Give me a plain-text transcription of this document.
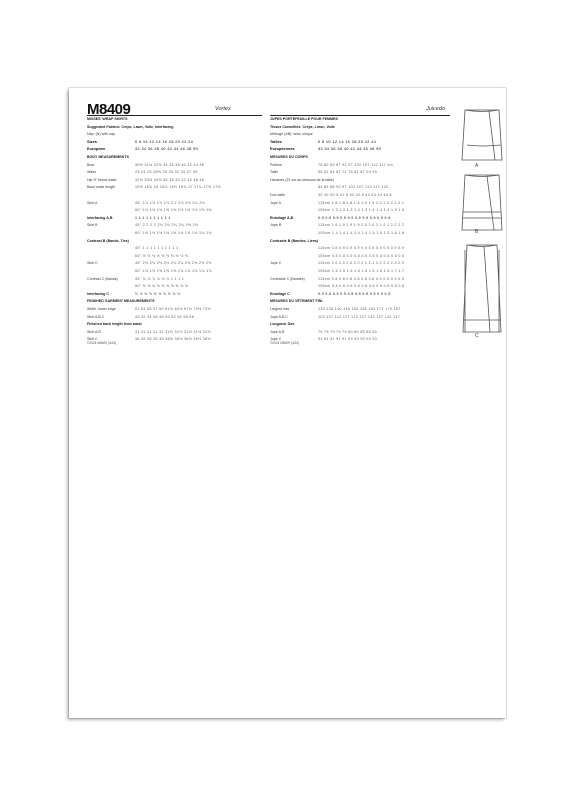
M8409	Vortex	Juicedo
MISSES' WRAP SKIRTS
Suggested Fabrics: Crepe, Lawn, Voile, Interfacing
Nap: (N) with nap
Sizes	6 8 10 12 14 16 18 20 22 24
European	32 34 36 38 40 42 44 46 48 50
BODY MEASUREMENTS
Bust	30½ 31½ 32½ 34 36 38 40 42 44 46
Waist	23 24 25 26½ 28 30 32 34 37 39
Hip-9" below waist	32½ 33½ 34½ 36 38 40 42 44 46 48
Back waist length	15½ 15¾ 16 16¼ 16½ 16¾ 17 17¼ 17⅜ 17½
Skirt A	45" 1⅞ 1⅞ 1⅞ 1⅞ 2 2 2⅛ 2⅛ 2¼ 2¼
60" 1⅜ 1⅜ 1⅜ 1⅜ 1⅜ 1½ 1½ 1½ 1⅝ 1⅝
Interfacing A,B	1 1 1 1 1 1 1 1 1 1
Skirt B	45" 2 2 2 2 2⅛ 2⅛ 2¼ 2¼ 2⅜ 2⅜
60" 1½ 1½ 1½ 1½ 1½ 1⅝ 1⅝ 1⅝ 1¾ 1¾
Contrast B (Bands, Ties)
45" 1 1 1 1 1 1 1 1 1 1
60" ½ ½ ½ ½ ½ ½ ½ ½ ½ ½
Skirt C	45" 2⅛ 2⅛ 2⅛ 2⅛ 2¼ 2¼ 2⅜ 2⅜ 2½ 2½
60" 1⅝ 1⅝ 1⅝ 1⅝ 1⅝ 1¾ 1¾ 1¾ 1⅞ 1⅞
Contrast C (Bands)	45" ⅞ ⅞ ⅞ ⅞ ⅞ ⅞ 1 1 1 1
60" ⅝ ⅝ ⅝ ⅝ ⅝ ⅝ ⅝ ⅝ ⅝ ⅝
Interfacing C	½ ½ ½ ½ ½ ½ ½ ½ ½ ½
FINISHED GARMENT MEASUREMENTS
Width, lower edge	51 53 55 57 59 61½ 64½ 67½ 70½ 73½
Skirt A,B,C	40 42 44 46 48 50 52 54 56 58
Finished back length from waist
Skirt A,B	31 31 31 31 31 31½ 31½ 31½ 31½ 31½
Skirt C	36 36 36 36 36 36½ 36½ 36½ 36½ 36½
JUPES PORTEFEUILLE POUR FEMMES
Tissus Conseillés: Crêpe, Linon, Voile
Métrage (AB): sens unique
Tailles	6 8 10 12 14 16 18 20 22 24
Européennes	32 34 36 38 40 42 44 46 48 50
MESURES DU CORPS
Poitrine	78 80 83 87 92 97 102 107 112 117 cm
Taille	58 61 64 67 71 76 81 87 94 99
Hanches (23 cm au-dessous de la taille)
83 85 88 92 97 102 107 112 117 122
Dos-taille	39 40 40.5 41.5 42 42.5 43 44 44 44.5
Jupe A	115cm 1.8 1.8 1.8 1.8 1.9 1.9 2.0 2.0 2.1 2.1
150cm 1.3 1.3 1.3 1.3 1.3 1.4 1.4 1.4 1.5 1.5
Entoilage A,B	0.9 0.9 0.9 0.9 0.9 0.9 0.9 0.9 0.9 0.9
Jupe B	115cm 1.9 1.9 1.9 1.9 2.0 2.0 2.1 2.1 2.2 2.2
150cm 1.4 1.4 1.4 1.4 1.4 1.5 1.5 1.5 1.6 1.6
Contraste B (Bandes, Liens)
115cm 0.9 0.9 0.9 0.9 0.9 0.9 0.9 0.9 0.9 0.9
150cm 0.5 0.5 0.5 0.5 0.5 0.5 0.5 0.5 0.5 0.5
Jupe C	115cm 2.0 2.0 2.0 2.0 2.1 2.1 2.2 2.2 2.3 2.3
150cm 1.5 1.5 1.5 1.5 1.5 1.6 1.6 1.6 1.7 1.7
Contraste C (Bandes)	115cm 0.8 0.8 0.8 0.8 0.8 0.8 0.9 0.9 0.9 0.9
150cm 0.6 0.6 0.6 0.6 0.6 0.6 0.6 0.6 0.6 0.6
Entoilage C	0.5 0.5 0.5 0.5 0.5 0.5 0.5 0.5 0.5 0.5
MESURES DU VÊTEMENT FINI
Largeur bas	130 135 140 145 150 156 164 171 179 187
Jupe A,B,C	102 107 112 117 122 127 132 137 142 147
Longueur Dos
Jupe A,B	79 79 79 79 79 80 80 80 80 80
Jupe C	91 91 91 91 91 93 93 93 93 93
©2024 M8409 (4/24)	©2024 M8409 (4/24)
A
B
C
